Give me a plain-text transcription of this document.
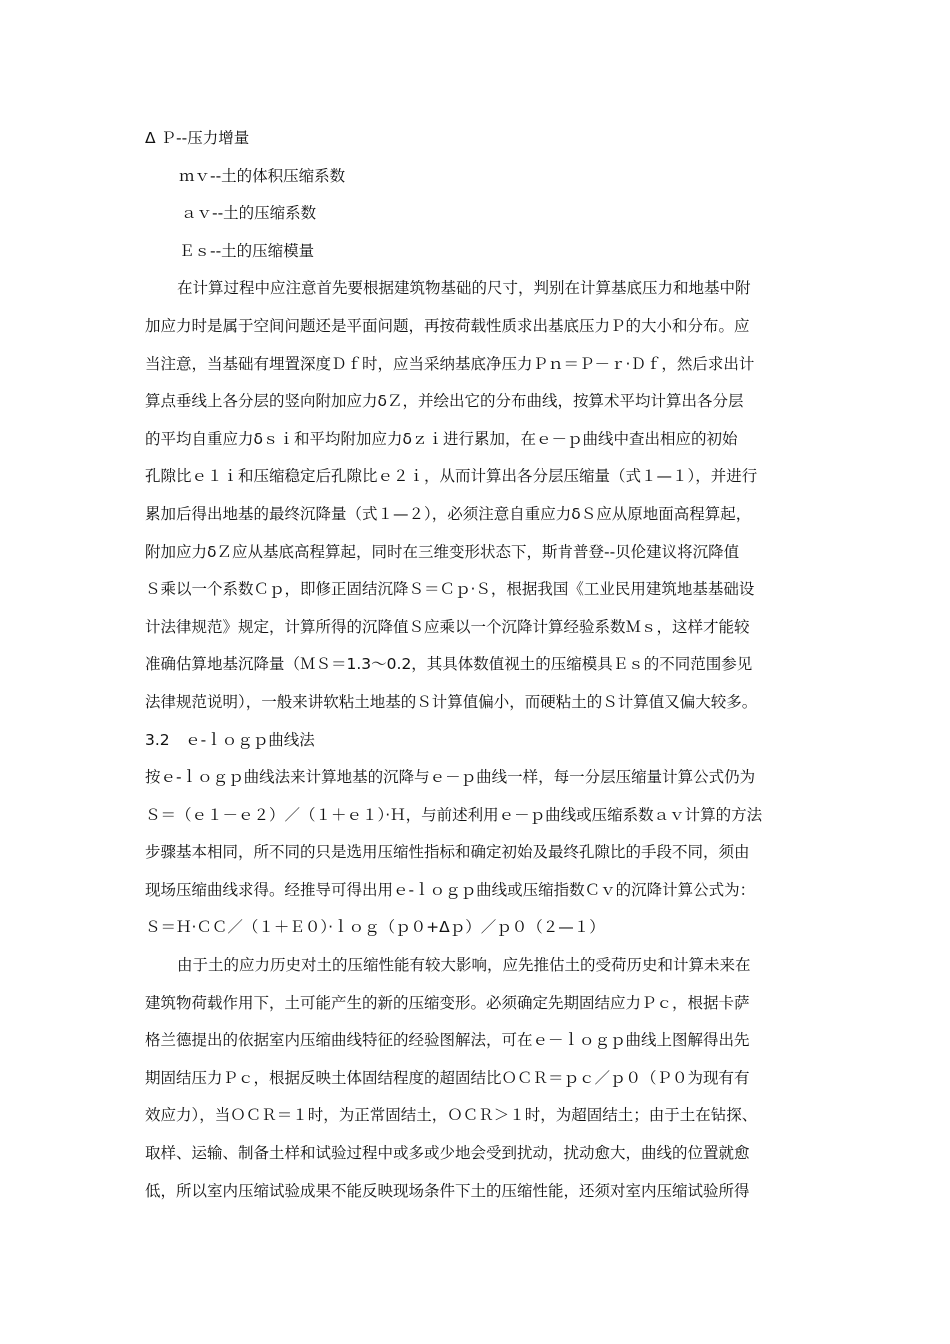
Δ Ｐ--压力增量
ｍｖ--土的体积压缩系数
ａｖ--土的压缩系数
Ｅｓ--土的压缩模量
在计算过程中应注意首先要根据建筑物基础的尺寸，判别在计算基底压力和地基中附
加应力时是属于空间问题还是平面问题，再按荷载性质求出基底压力Ｐ的大小和分布。应
当注意，当基础有埋置深度Ｄｆ时，应当采纳基底净压力Ｐｎ＝Ｐ－ｒ·Ｄｆ，然后求出计
算点垂线上各分层的竖向附加应力δＺ，并绘出它的分布曲线，按算术平均计算出各分层
的平均自重应力δｓｉ和平均附加应力δｚｉ进行累加，在ｅ－ｐ曲线中查出相应的初始
孔隙比ｅ１ｉ和压缩稳定后孔隙比ｅ２ｉ，从而计算出各分层压缩量（式１—１），并进行
累加后得出地基的最终沉降量（式１—２），必须注意自重应力δＳ应从原地面高程算起，
附加应力δＺ应从基底高程算起，同时在三维变形状态下，斯肯普登--贝伦建议将沉降值
Ｓ乘以一个系数Ｃｐ，即修正固结沉降Ｓ＝Ｃｐ·Ｓ，根据我国《工业民用建筑地基基础设
计法律规范》规定，计算所得的沉降值Ｓ应乘以一个沉降计算经验系数Ｍｓ，这样才能较
准确估算地基沉降量（ＭＳ＝1.3～0.2，其具体数值视土的压缩模具Ｅｓ的不同范围参见
法律规范说明），一般来讲软粘土地基的Ｓ计算值偏小，而硬粘土的Ｓ计算值又偏大较多。
3.2　ｅ-ｌｏｇｐ曲线法
按ｅ-ｌｏｇｐ曲线法来计算地基的沉降与ｅ－ｐ曲线一样，每一分层压缩量计算公式仍为
Ｓ＝（ｅ１－ｅ２）／（１＋ｅ１）·Ｈ，与前述利用ｅ－ｐ曲线或压缩系数ａｖ计算的方法
步骤基本相同，所不同的只是选用压缩性指标和确定初始及最终孔隙比的手段不同，须由
现场压缩曲线求得。经推导可得出用ｅ-ｌｏｇｐ曲线或压缩指数Ｃｖ的沉降计算公式为：
Ｓ＝Ｈ·ＣＣ／（１＋Ｅ０）·ｌｏｇ（ｐ０+Δｐ）／ｐ０（２—１）
由于土的应力历史对土的压缩性能有较大影响，应先推估土的受荷历史和计算未来在
建筑物荷载作用下，土可能产生的新的压缩变形。必须确定先期固结应力Ｐｃ，根据卡萨
格兰德提出的依据室内压缩曲线特征的经验图解法，可在ｅ－ｌｏｇｐ曲线上图解得出先
期固结压力Ｐｃ，根据反映土体固结程度的超固结比ＯＣＲ＝ｐｃ／ｐ０（Ｐ０为现有有
效应力），当ＯＣＲ＝１时，为正常固结土，ＯＣＲ＞１时，为超固结土；由于土在钻探、
取样、运输、制备土样和试验过程中或多或少地会受到扰动，扰动愈大，曲线的位置就愈
低，所以室内压缩试验成果不能反映现场条件下土的压缩性能，还须对室内压缩试验所得
